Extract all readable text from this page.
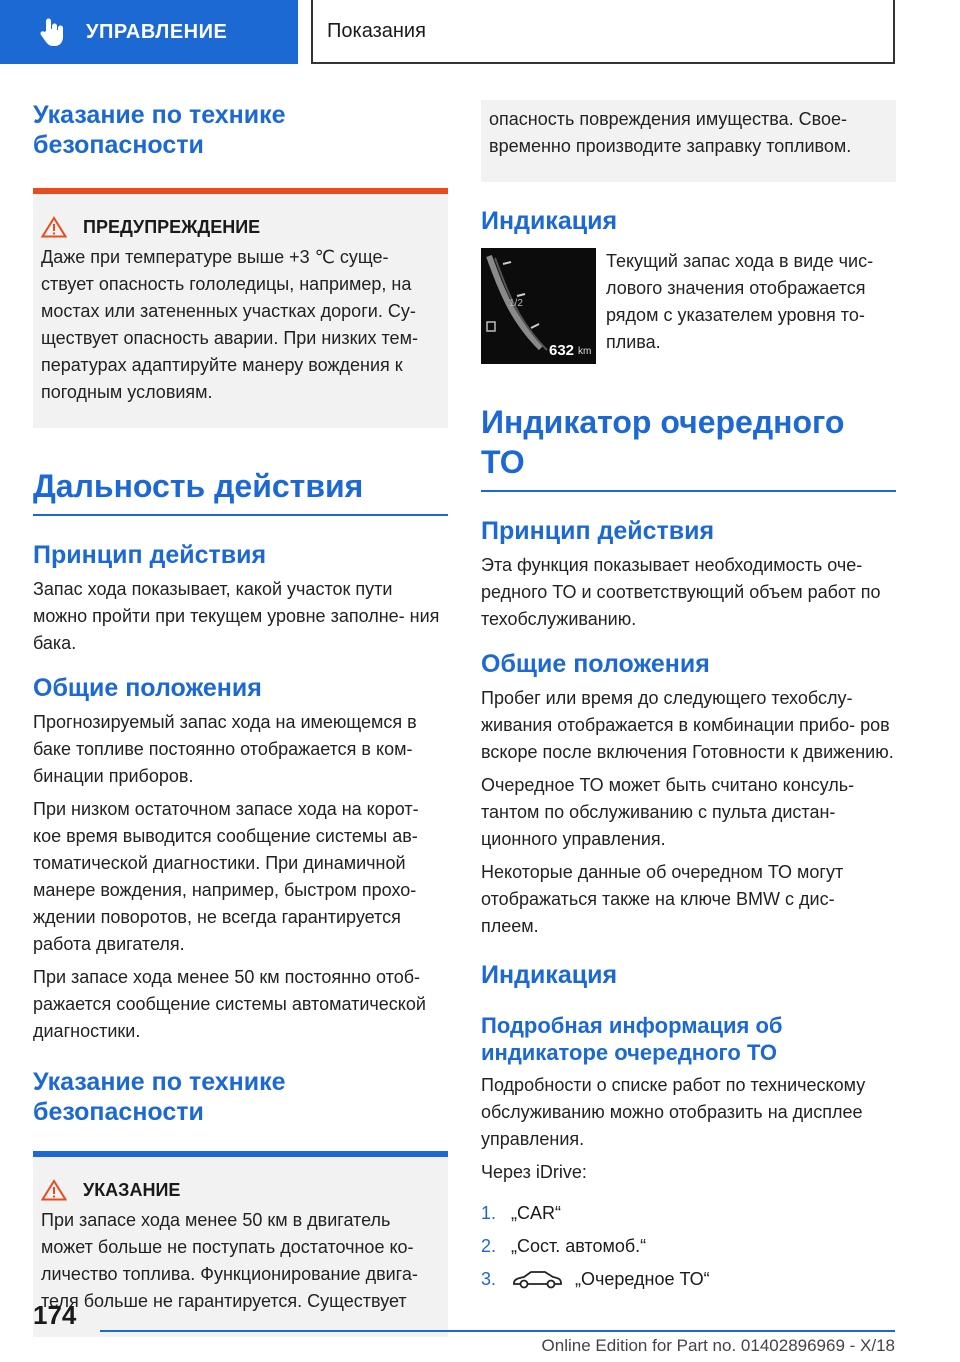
УПРАВЛЕНИЕ	Показания
Указание по технике безопасности
ПРЕДУПРЕЖДЕНИЕ
Даже при температуре выше +3 ℃ суще- ствует опасность гололедицы, например, на мостах или затененных участках дороги. Су- ществует опасность аварии. При низких тем- пературах адаптируйте манеру вождения к погодным условиям.
Дальность действия
Принцип действия
Запас хода показывает, какой участок пути можно пройти при текущем уровне заполне- ния бака.
Общие положения
Прогнозируемый запас хода на имеющемся в баке топливе постоянно отображается в ком- бинации приборов.
При низком остаточном запасе хода на корот- кое время выводится сообщение системы ав- томатической диагностики. При динамичной манере вождения, например, быстром прохо- ждении поворотов, не всегда гарантируется работа двигателя.
При запасе хода менее 50 км постоянно отоб- ражается сообщение системы автоматической диагностики.
Указание по технике безопасности
УКАЗАНИЕ
При запасе хода менее 50 км в двигатель может больше не поступать достаточное ко- личество топлива. Функционирование двига- теля больше не гарантируется. Существует
опасность повреждения имущества. Свое- временно производите заправку топливом.
Индикация
1/2
632 km
Текущий запас хода в виде чис- лового значения отображается рядом с указателем уровня то- плива.
Индикатор очередного ТО
Принцип действия
Эта функция показывает необходимость оче- редного ТО и соответствующий объем работ по техобслуживанию.
Общие положения
Пробег или время до следующего техобслу- живания отображается в комбинации прибо- ров вскоре после включения Готовности к движению.
Очередное ТО может быть считано консуль- тантом по обслуживанию с пульта дистан- ционного управления.
Некоторые данные об очередном ТО могут отображаться также на ключе BMW с дис- плеем.
Индикация
Подробная информация об индикаторе очередного ТО
Подробности о списке работ по техническому обслуживанию можно отобразить на дисплее управления.
Через iDrive:
1. „CAR“
2. „Сост. автомоб.“
3.	„Очередное ТО“
174
Online Edition for Part no. 01402896969 - X/18
